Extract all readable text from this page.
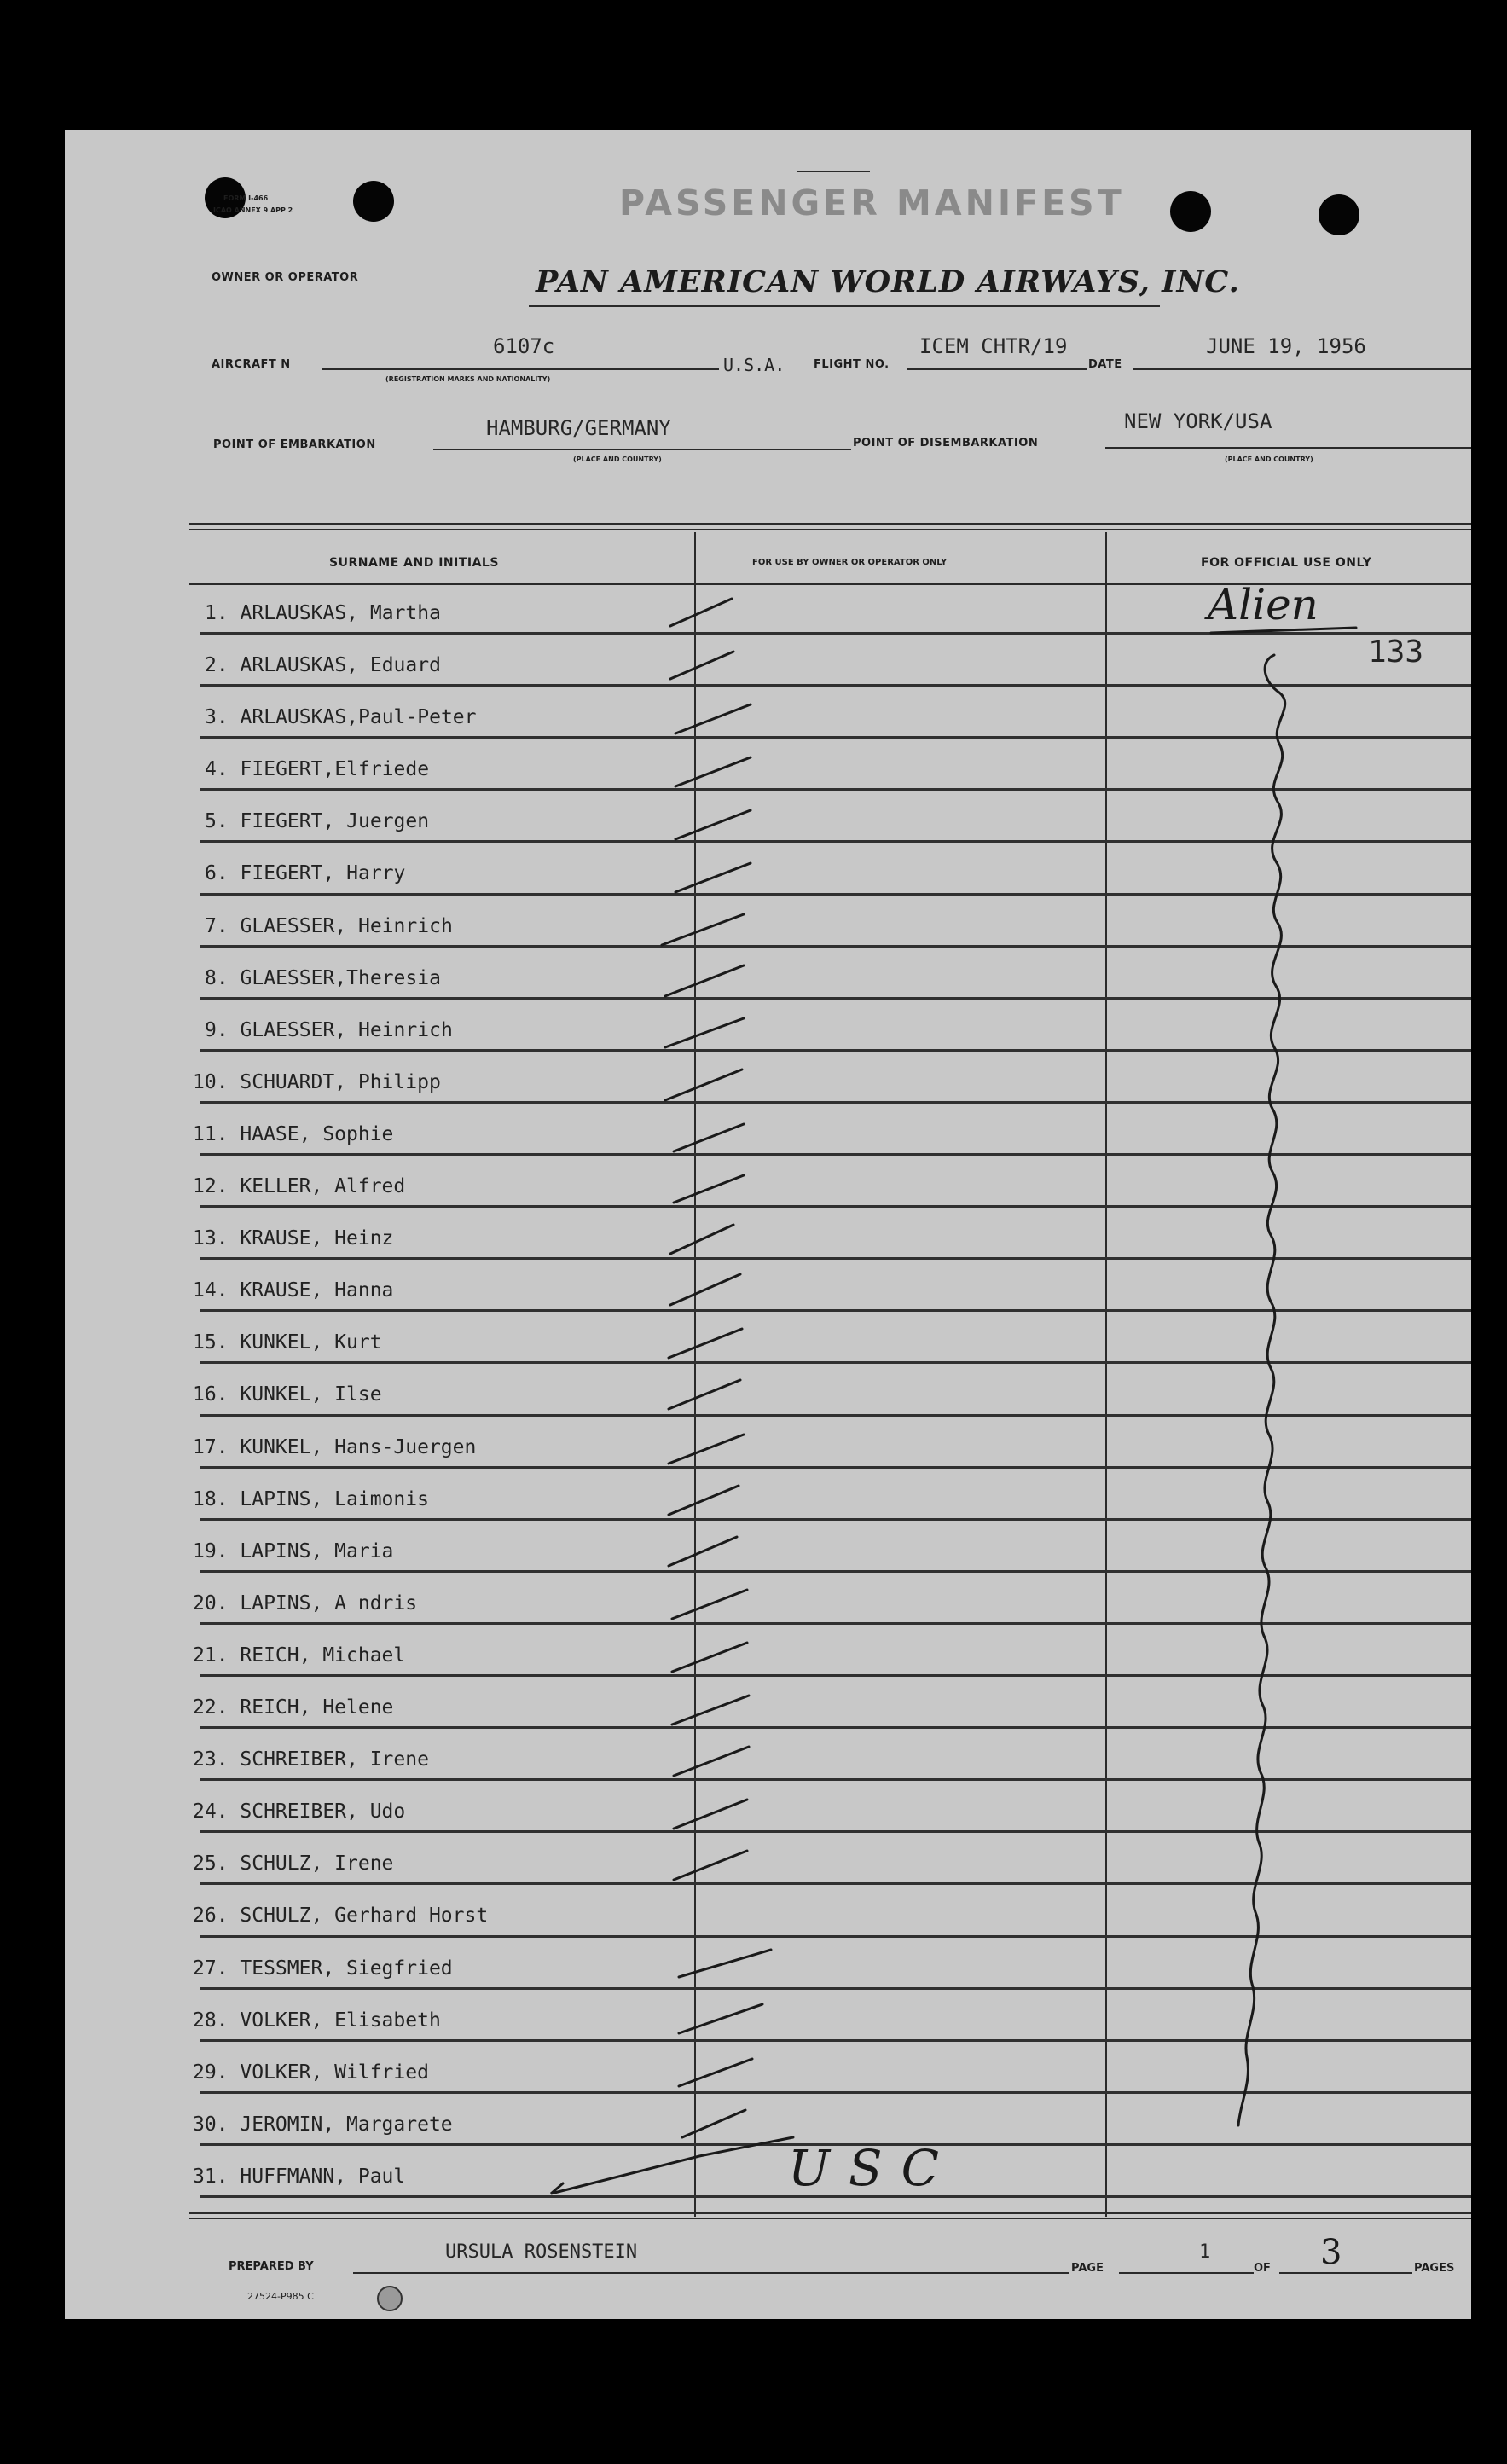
FORM I-466
ICAO ANNEX 9 APP 2	PASSENGER MANIFEST
OWNER OR OPERATOR	PAN AMERICAN WORLD AIRWAYS, INC.
AIRCRAFT N
6107c
(REGISTRATION MARKS AND NATIONALITY)
U.S.A.	FLIGHT NO.
ICEM CHTR/19
DATE
JUNE 19, 1956
POINT OF EMBARKATION
HAMBURG/GERMANY
(PLACE AND COUNTRY)
POINT OF DISEMBARKATION
NEW YORK/USA
(PLACE AND COUNTRY)
SURNAME AND INITIALS	FOR USE BY OWNER OR OPERATOR ONLY	FOR OFFICIAL USE ONLY
1. ARLAUSKAS, Martha
2. ARLAUSKAS, Eduard
3. ARLAUSKAS,Paul-Peter
4. FIEGERT,Elfriede
5. FIEGERT, Juergen
6. FIEGERT, Harry
7. GLAESSER, Heinrich
8. GLAESSER,Theresia
9. GLAESSER, Heinrich
10. SCHUARDT, Philipp
11. HAASE, Sophie
12. KELLER, Alfred
13. KRAUSE, Heinz
14. KRAUSE, Hanna
15. KUNKEL, Kurt
16. KUNKEL, Ilse
17. KUNKEL, Hans-Juergen
18. LAPINS, Laimonis
19. LAPINS, Maria
20. LAPINS, A ndris
21. REICH, Michael
22. REICH, Helene
23. SCHREIBER, Irene
24. SCHREIBER, Udo
25. SCHULZ, Irene
26. SCHULZ, Gerhard Horst
27. TESSMER, Siegfried
28. VOLKER, Elisabeth
29. VOLKER, Wilfried
30. JEROMIN, Margarete
31. HUFFMANN, Paul
Alien
133
USC
PREPARED BY
URSULA ROSENSTEIN
PAGE
1
OF 3	PAGES
27524-P985 C
